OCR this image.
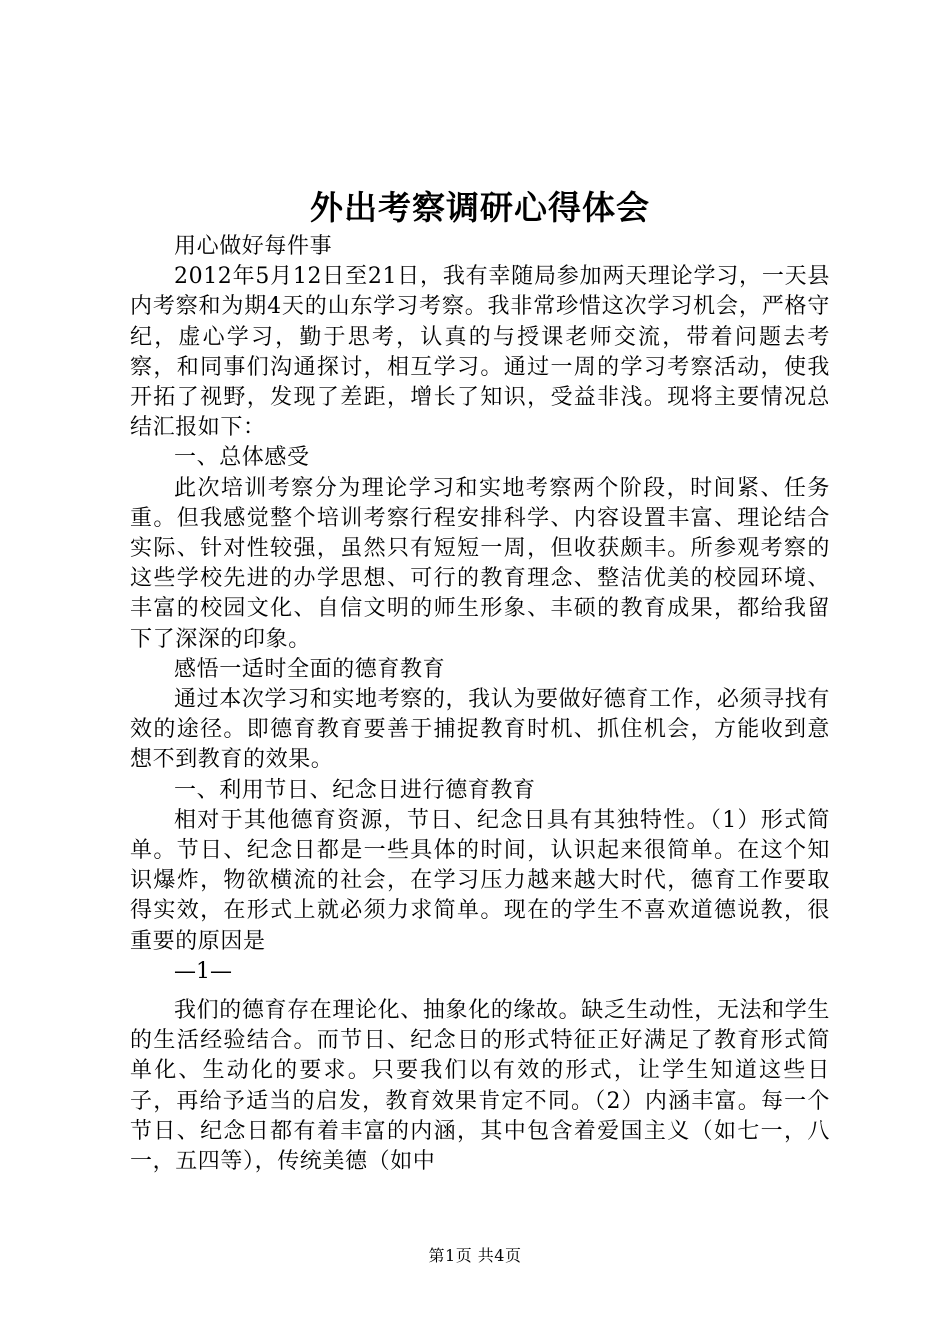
外出考察调研心得体会

用心做好每件事

2012年5月12日至21日，我有幸随局参加两天理论学习，一天县内考察和为期4天的山东学习考察。我非常珍惜这次学习机会，严格守纪，虚心学习，勤于思考，认真的与授课老师交流，带着问题去考察，和同事们沟通探讨，相互学习。通过一周的学习考察活动，使我开拓了视野，发现了差距，增长了知识，受益非浅。现将主要情况总结汇报如下：

一、总体感受

此次培训考察分为理论学习和实地考察两个阶段，时间紧、任务重。但我感觉整个培训考察行程安排科学、内容设置丰富、理论结合实际、针对性较强，虽然只有短短一周，但收获颇丰。所参观考察的这些学校先进的办学思想、可行的教育理念、整洁优美的校园环境、丰富的校园文化、自信文明的师生形象、丰硕的教育成果，都给我留下了深深的印象。

感悟一适时全面的德育教育

通过本次学习和实地考察的，我认为要做好德育工作，必须寻找有效的途径。即德育教育要善于捕捉教育时机、抓住机会，方能收到意想不到教育的效果。

一、利用节日、纪念日进行德育教育

相对于其他德育资源，节日、纪念日具有其独特性。（1）形式简单。节日、纪念日都是一些具体的时间，认识起来很简单。在这个知识爆炸，物欲横流的社会，在学习压力越来越大时代，德育工作要取得实效，在形式上就必须力求简单。现在的学生不喜欢道德说教，很重要的原因是

—1—

我们的德育存在理论化、抽象化的缘故。缺乏生动性，无法和学生的生活经验结合。而节日、纪念日的形式特征正好满足了教育形式简单化、生动化的要求。只要我们以有效的形式，让学生知道这些日子，再给予适当的启发，教育效果肯定不同。（2）内涵丰富。每一个节日、纪念日都有着丰富的内涵，其中包含着爱国主义（如七一，八一，五四等），传统美德（如中

第1页 共4页
